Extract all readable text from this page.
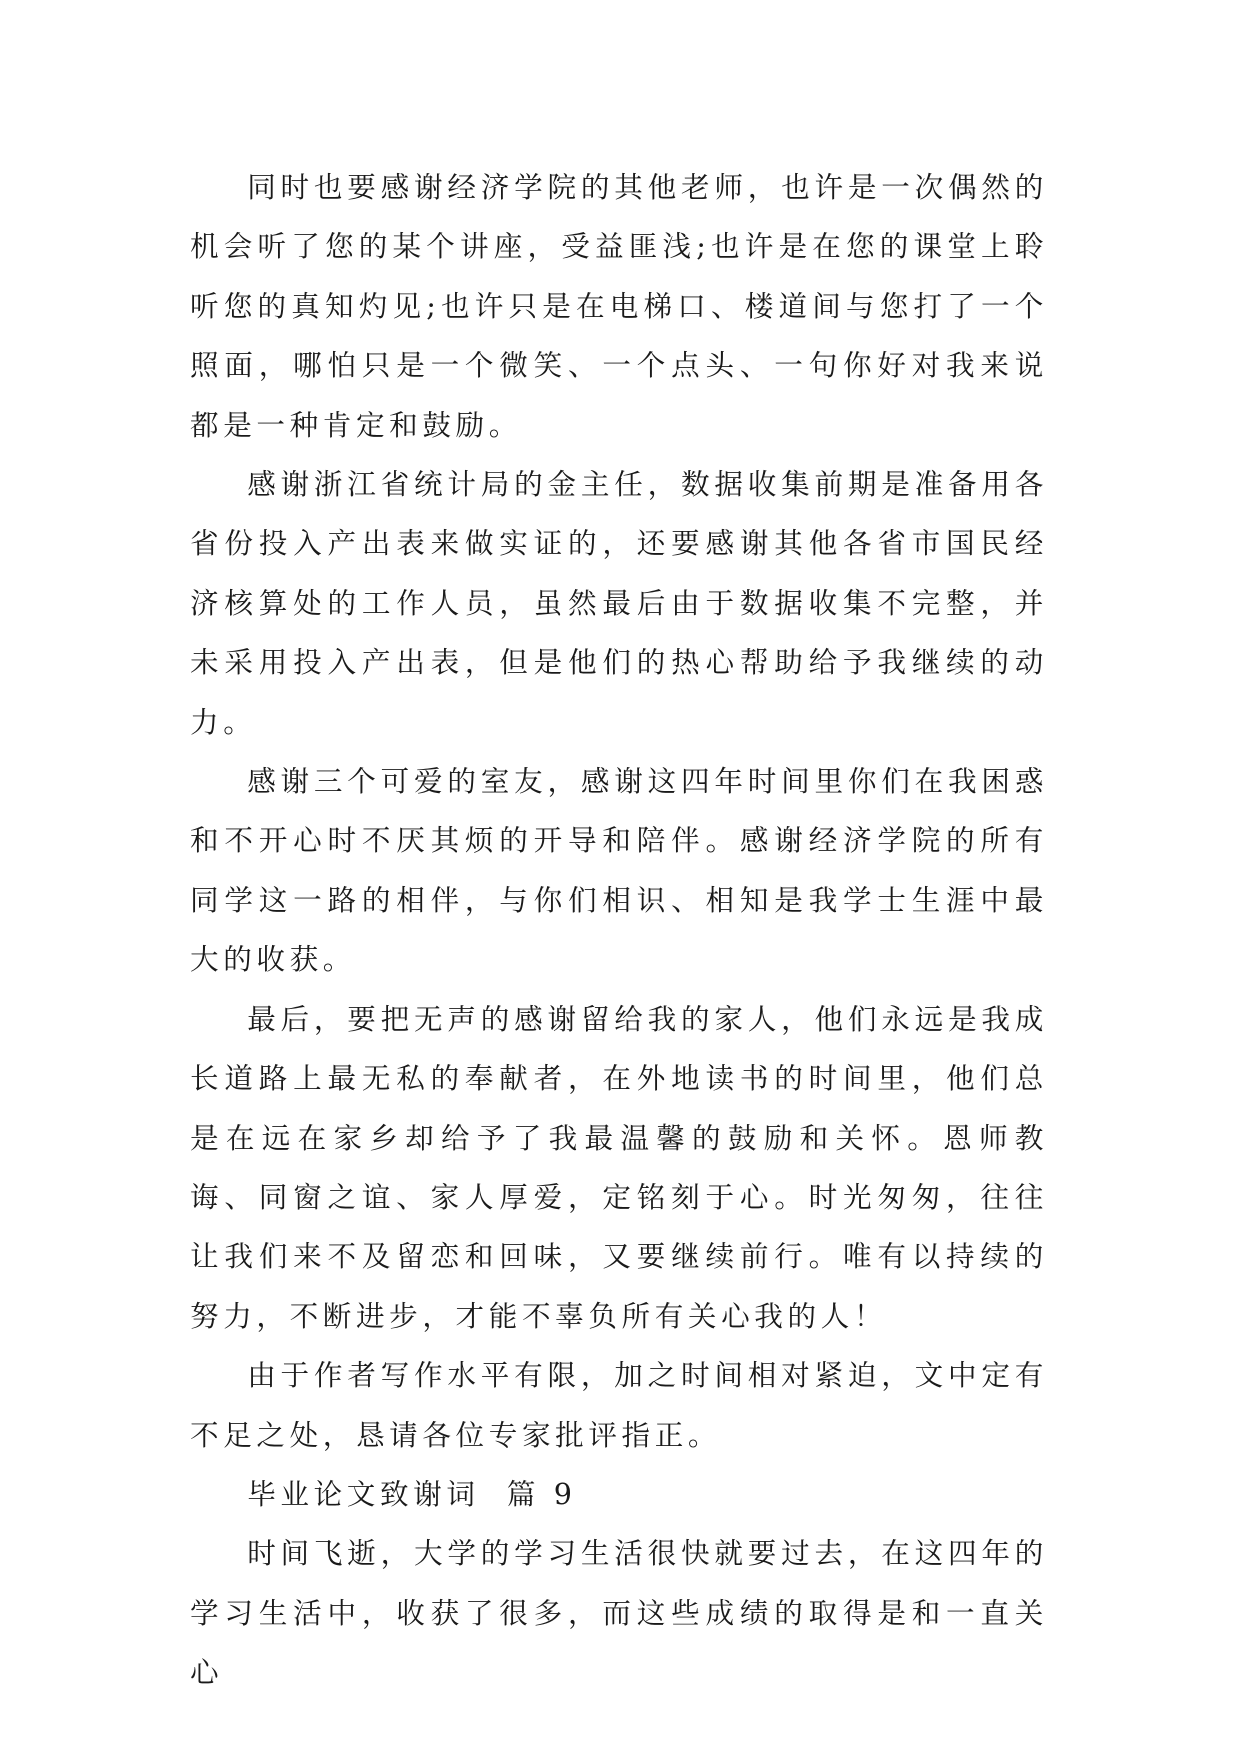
同时也要感谢经济学院的其他老师，也许是一次偶然的机会听了您的某个讲座，受益匪浅;也许是在您的课堂上聆听您的真知灼见;也许只是在电梯口、楼道间与您打了一个照面，哪怕只是一个微笑、一个点头、一句你好对我来说都是一种肯定和鼓励。

感谢浙江省统计局的金主任，数据收集前期是准备用各省份投入产出表来做实证的，还要感谢其他各省市国民经济核算处的工作人员，虽然最后由于数据收集不完整，并未采用投入产出表，但是他们的热心帮助给予我继续的动力。

感谢三个可爱的室友，感谢这四年时间里你们在我困惑和不开心时不厌其烦的开导和陪伴。感谢经济学院的所有同学这一路的相伴，与你们相识、相知是我学士生涯中最大的收获。

最后，要把无声的感谢留给我的家人，他们永远是我成长道路上最无私的奉献者，在外地读书的时间里，他们总是在远在家乡却给予了我最温馨的鼓励和关怀。恩师教诲、同窗之谊、家人厚爱，定铭刻于心。时光匆匆，往往让我们来不及留恋和回味，又要继续前行。唯有以持续的努力，不断进步，才能不辜负所有关心我的人！

由于作者写作水平有限，加之时间相对紧迫，文中定有不足之处，恳请各位专家批评指正。

毕业论文致谢词  篇 9

时间飞逝，大学的学习生活很快就要过去，在这四年的学习生活中，收获了很多，而这些成绩的取得是和一直关心
